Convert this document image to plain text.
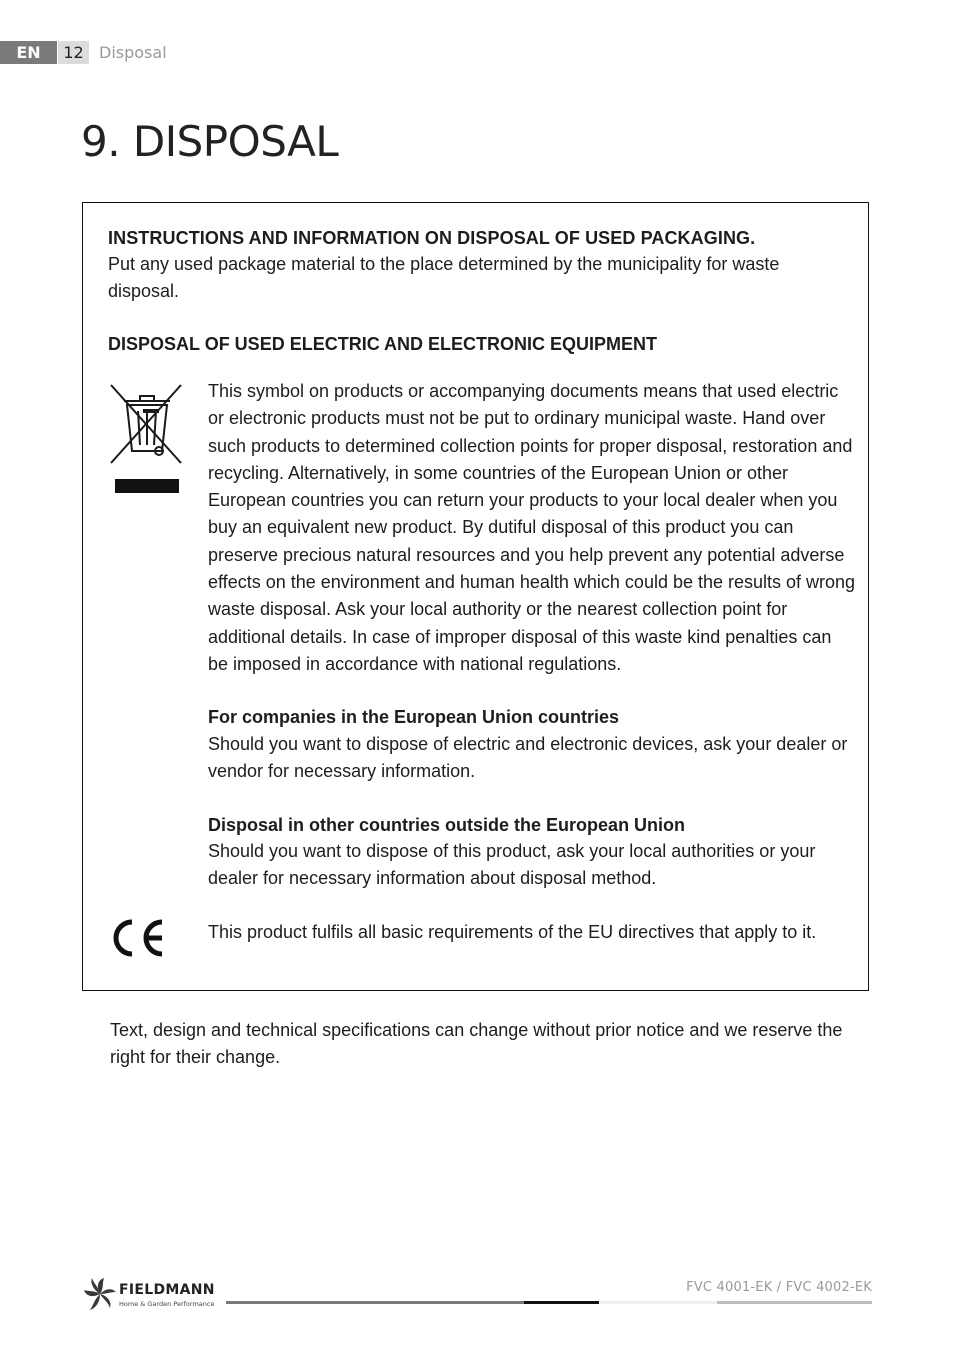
EN	12 Disposal
9. DISPOSAL
INSTRUCTIONS AND INFORMATION ON DISPOSAL OF USED PACKAGING.

Put any used package material to the place determined by the municipality for waste disposal.

DISPOSAL OF USED ELECTRIC AND ELECTRONIC EQUIPMENT

This symbol on products or accompanying documents means that used electric or electronic products must not be put to ordinary municipal waste. Hand over such products to determined collection points for proper disposal, restoration and recycling. Alternatively, in some countries of the European Union or other European countries you can return your products to your local dealer when you buy an equivalent new product. By dutiful disposal of this product you can preserve precious natural resources and you help prevent any potential adverse effects on the environment and human health which could be the results of wrong waste disposal. Ask your local authority or the nearest collection point for additional details. In case of improper disposal of this waste kind penalties can be imposed in accordance with national regulations.

For companies in the European Union countries

Should you want to dispose of electric and electronic devices, ask your dealer or vendor for necessary information.

Disposal in other countries outside the European Union

Should you want to dispose of this product, ask your local authorities or your dealer for necessary information about disposal method.

This product fulfils all basic requirements of the EU directives that apply to it.

Text, design and technical specifications can change without prior notice and we reserve the right for their change.

FIELDMANN
Home & Garden Performance
FVC 4001-EK / FVC 4002-EK
